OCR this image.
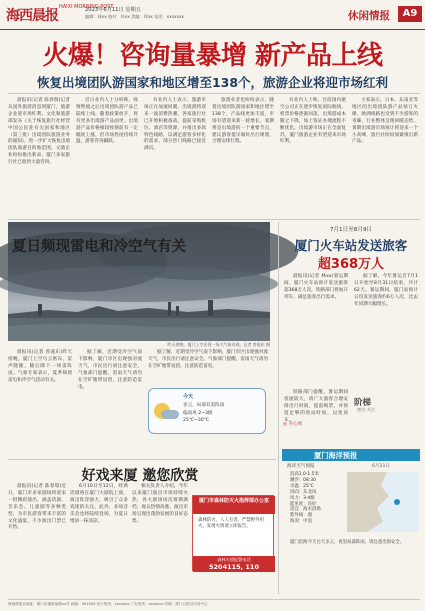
海西晨报
HAIXI MORNING POST
2023年6月11日 星期五
编辑：林xx 校对：叶xx 美编：郑xx 电话：xxxxxxx	休闲情报	A9
火爆！咨询量暴增 新产品上线
恢复出境团队游国家和地区增至138个，旅游企业将迎市场红利

晨报讯(记者 陈春瑞)记者从国外旅游消息到厦门，旅游企业迎市场红利。文化和旅游部发布《关于恢复旅行社经营中国公民赴有关国家和地区（第三批）出境团队旅游业务的通知》，进一步扩大恢复出境团队旅游目的地范围，文旅企业纷纷推出新品，厦门多家旅行社已收到大量咨询。

近日业内人士分析称，疫情暂缓之后出境团队游产品已陆续上线，随着政策放开，将有更多出境游产品面世。出境游产品价格相较疫情前有一定幅度上涨，但市场热度持续升温，游客咨询踊跃。

有业内人士表示，旅游市场正在加速回暖，出境游将迎来一波消费热潮。各家旅行社已开始积极备战，提前采购机位、酒店等资源，并推出多款特色线路，以满足游客多样化的需求，部分热门线路已接近满员。

旅游业者也纷纷表示，随着出境团队游国家和地区增至138个，产品线更加丰富，市场有望迎来新一轮增长，暑期将是出境游的一个重要节点，建议游客提早做好出行规划，合理安排行程。

有业内人士称，目前国内航空公司正在逐步恢复国际航线，机票价格逐渐回落，出境游成本随之下降，加上签证办理流程不断优化，出境游市场正在全面复苏，厦门旅游企业有望迎来市场红利。

大家表示，日本、东南亚等地区的出境团队游产品预订火爆，欧洲线路也受到不少游客的青睐，行业整体呈现回暖态势，暑期出境游市场预计将迎来一个小高峰，旅行社纷纷加紧推出新产品。

夏日频现雷电和冷空气有关
昨天傍晚，厦门上空出现一场大气象奇观。记者 曾嘉东 摄

晨报讯(记者 曾嘉东)昨天傍晚，厦门上空乌云密布，雷声隆隆，随后降下一场雷阵雨。气象专家表示，夏季频现雷电和冷空气活动有关。

据了解，近期受冷空气南下影响，厦门市区出现强对流天气，市民出行请注意安全。气象部门提醒，雷雨天气请勿在空旷地带逗留，注意防范雷电。

据了解，近期受冷空气南下影响，厦门市区出现强对流天气，市民出行请注意安全。气象部门提醒，雷雨天气请勿在空旷地带逗留，注意防范雷电。

今天
多云，局部有雷阵雨
偏南风 2~3级
25℃~30℃
好戏来厦 邀您欣赏

晨报讯(记者 陈春瑞)近日，厦门市多家剧场将迎来一批精彩演出，涵盖话剧、音乐会、儿童剧等多种类型，为市民游客带来丰富的文化盛宴，不少演出门票已开售。

6月10日至12日，经典话剧将在厦门大剧院上演，演出阵容强大，吸引了众多戏迷的关注。此外，多场音乐会也将陆续登场，为夏日增添一抹清凉。

相关负责人介绍，今年以来厦门演出市场持续火热，各大剧场场次排期满档，观众热情高涨，演出市场呈现出蓬勃发展的良好态势。

厦门市森林防灭火指挥部办公室
森林防火，人人有责。严禁野外用火，发现火情请立即报告。
森林火情报警电话
5204115, 110
7月1日至8月9日
厦门火车站发送旅客
超368万人

晨报讯(记者 林xx)暑运期间，厦门火车站预计发送旅客超368万人次，铁路部门将加开列车，满足旅客出行需求。

据了解，今年暑运自7月1日开始至8月31日结束，共计62天。暑运期间，厦门站预计日均发送旅客约6万人次，比去年同期大幅增长。

铁路部门提醒，暑运期间客流较大，请广大旅客合理安排出行时间，提前购票，并预留足够的进站时间，以免误车。

阶梯
微信·关注
◎ 开心果
厦门海洋预报
海洋天气预报	6月11日
浪高1.0-1.5米
潮汐：08:30
水温：25℃
风向：东北风
风力：3-4级
能见度：良好
适宜：海水浴场
紫外线：强
海况：中浪
厦门沿海今天白天多云，夜里局部阵雨，请注意出海安全。
海西晨报社地址：厦门市湖滨南路xx号 邮编：361004 发行热线：xxxxxxx 广告热线：xxxxxxx 印刷：厦门日报社印务中心
